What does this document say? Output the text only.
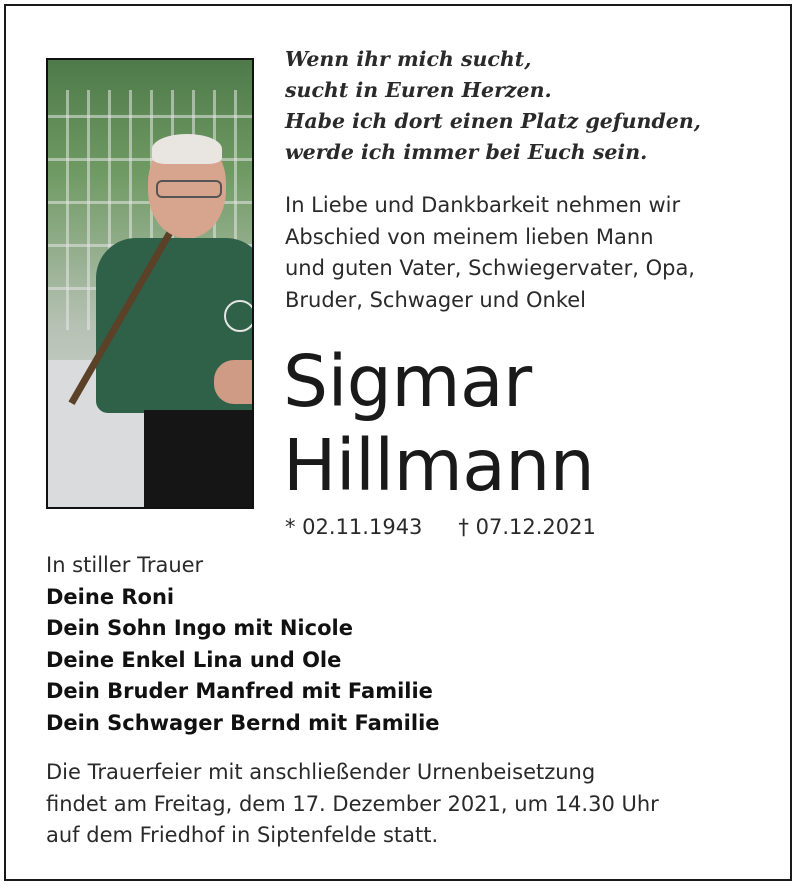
Wenn ihr mich sucht,
sucht in Euren Herzen.
Habe ich dort einen Platz gefunden,
werde ich immer bei Euch sein.
In Liebe und Dankbarkeit nehmen wir
Abschied von meinem lieben Mann
und guten Vater, Schwiegervater, Opa,
Bruder, Schwager und Onkel
Sigmar
Hillmann
* 02.11.1943 † 07.12.2021
In stiller Trauer
Deine Roni
Dein Sohn Ingo mit Nicole
Deine Enkel Lina und Ole
Dein Bruder Manfred mit Familie
Dein Schwager Bernd mit Familie
Die Trauerfeier mit anschließender Urnenbeisetzung
findet am Freitag, dem 17. Dezember 2021, um 14.30 Uhr
auf dem Friedhof in Siptenfelde statt.
